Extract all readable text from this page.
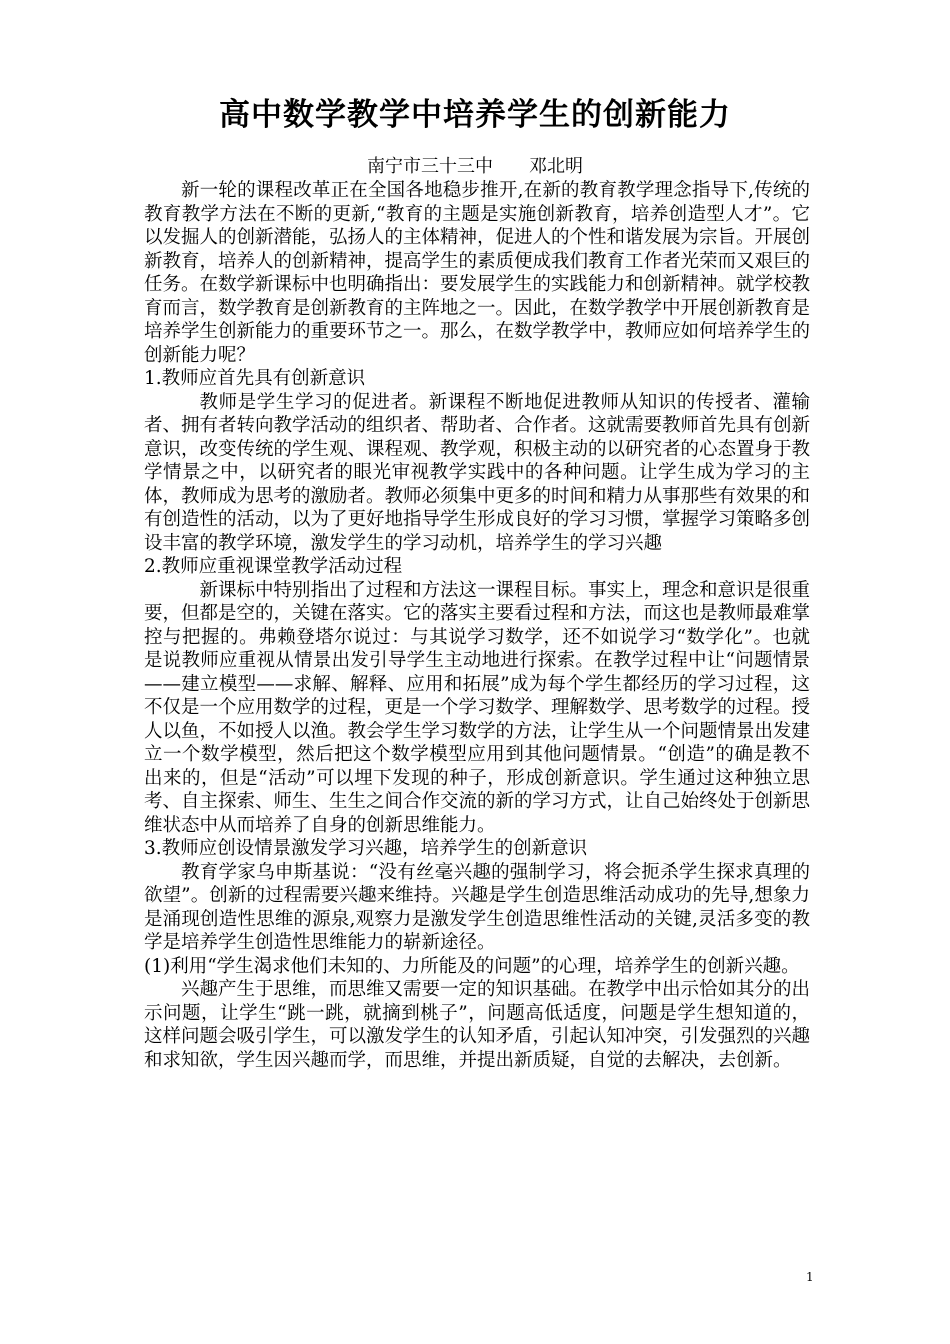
高中数学教学中培养学生的创新能力
南宁市三十三中　　邓北明

新一轮的课程改革正在全国各地稳步推开,在新的教育教学理念指导下,传统的教育教学方法在不断的更新,“教育的主题是实施创新教育，培养创造型人才”。它以发掘人的创新潜能，弘扬人的主体精神，促进人的个性和谐发展为宗旨。开展创新教育，培养人的创新精神，提高学生的素质便成我们教育工作者光荣而又艰巨的任务。在数学新课标中也明确指出：要发展学生的实践能力和创新精神。就学校教育而言，数学教育是创新教育的主阵地之一。因此，在数学教学中开展创新教育是培养学生创新能力的重要环节之一。那么，在数学教学中，教师应如何培养学生的创新能力呢？

1.教师应首先具有创新意识

教师是学生学习的促进者。新课程不断地促进教师从知识的传授者、灌输者、拥有者转向教学活动的组织者、帮助者、合作者。这就需要教师首先具有创新意识，改变传统的学生观、课程观、教学观，积极主动的以研究者的心态置身于教学情景之中，以研究者的眼光审视教学实践中的各种问题。让学生成为学习的主体，教师成为思考的激励者。教师必须集中更多的时间和精力从事那些有效果的和有创造性的活动，以为了更好地指导学生形成良好的学习习惯，掌握学习策略多创设丰富的教学环境，激发学生的学习动机，培养学生的学习兴趣

2.教师应重视课堂教学活动过程

新课标中特别指出了过程和方法这一课程目标。事实上，理念和意识是很重要，但都是空的，关键在落实。它的落实主要看过程和方法，而这也是教师最难掌控与把握的。弗赖登塔尔说过：与其说学习数学，还不如说学习“数学化”。也就是说教师应重视从情景出发引导学生主动地进行探索。在教学过程中让“问题情景——建立模型——求解、解释、应用和拓展”成为每个学生都经历的学习过程，这不仅是一个应用数学的过程，更是一个学习数学、理解数学、思考数学的过程。授人以鱼，不如授人以渔。教会学生学习数学的方法，让学生从一个问题情景出发建立一个数学模型，然后把这个数学模型应用到其他问题情景。“创造”的确是教不出来的，但是“活动”可以埋下发现的种子，形成创新意识。学生通过这种独立思考、自主探索、师生、生生之间合作交流的新的学习方式，让自己始终处于创新思维状态中从而培养了自身的创新思维能力。

3.教师应创设情景激发学习兴趣，培养学生的创新意识

教育学家乌申斯基说：“没有丝毫兴趣的强制学习，将会扼杀学生探求真理的欲望”。创新的过程需要兴趣来维持。兴趣是学生创造思维活动成功的先导,想象力是涌现创造性思维的源泉,观察力是激发学生创造思维性活动的关键,灵活多变的教学是培养学生创造性思维能力的崭新途径。

(1)利用“学生渴求他们未知的、力所能及的问题”的心理，培养学生的创新兴趣。

兴趣产生于思维，而思维又需要一定的知识基础。在教学中出示恰如其分的出示问题，让学生“跳一跳，就摘到桃子”，问题高低适度，问题是学生想知道的，这样问题会吸引学生，可以激发学生的认知矛盾，引起认知冲突，引发强烈的兴趣和求知欲，学生因兴趣而学，而思维，并提出新质疑，自觉的去解决，去创新。

1
